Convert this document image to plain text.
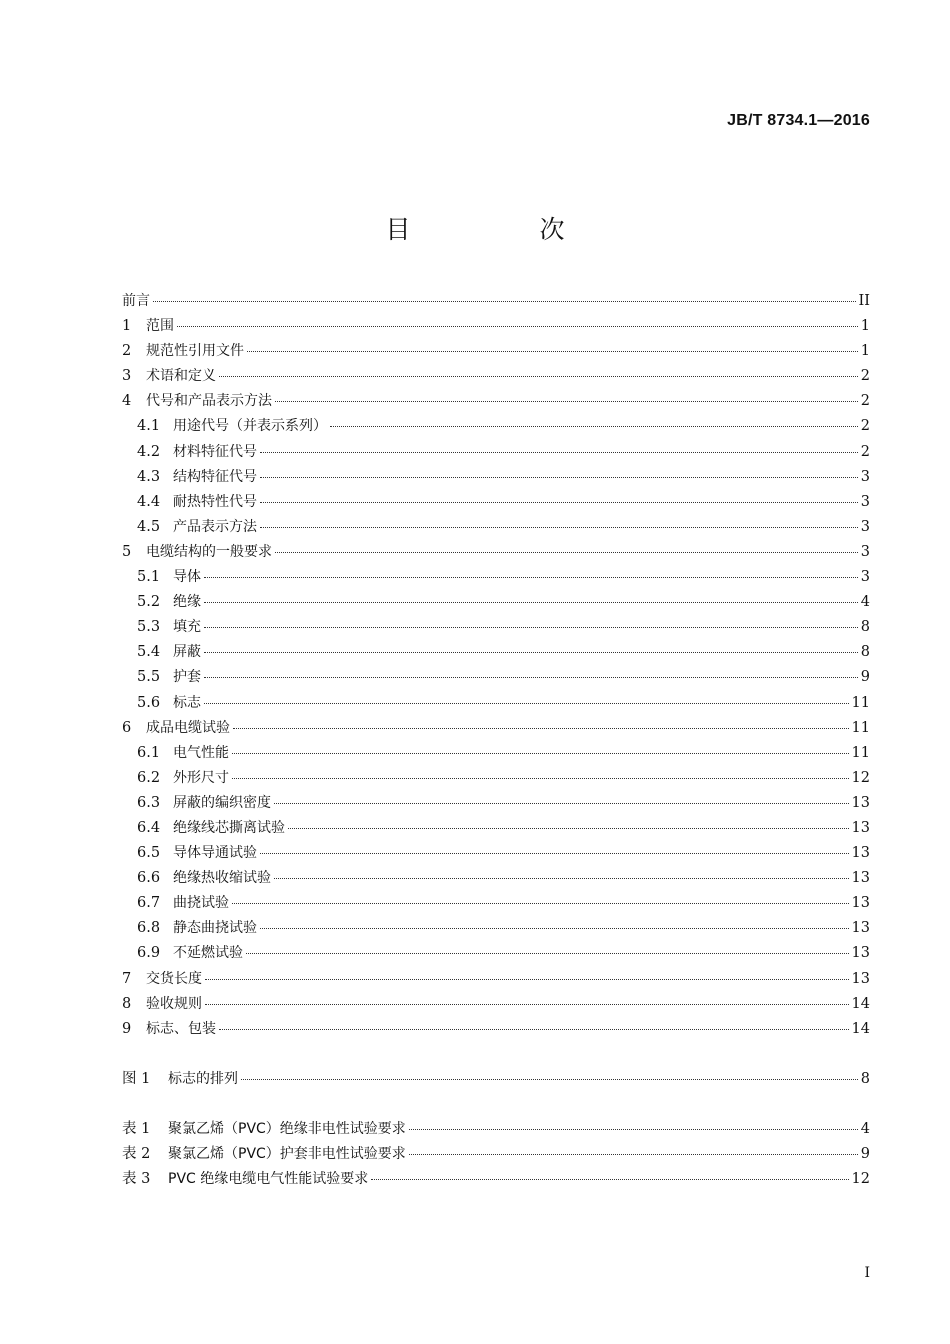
JB/T 8734.1—2016
目　次
前言	II
1	范围	1
2	规范性引用文件	1
3	术语和定义	2
4	代号和产品表示方法	2
4.1 用途代号（并表示系列）	2
4.2 材料特征代号	2
4.3 结构特征代号	3
4.4 耐热特性代号	3
4.5 产品表示方法	3
5	电缆结构的一般要求	3
5.1 导体	3
5.2 绝缘	4
5.3 填充	8
5.4 屏蔽	8
5.5 护套	9
5.6 标志	11
6	成品电缆试验	11
6.1 电气性能	11
6.2 外形尺寸	12
6.3 屏蔽的编织密度	13
6.4 绝缘线芯撕离试验	13
6.5 导体导通试验	13
6.6 绝缘热收缩试验	13
6.7 曲挠试验	13
6.8 静态曲挠试验	13
6.9 不延燃试验	13
7	交货长度	13
8	验收规则	14
9	标志、包装	14
图 1	标志的排列	8
表 1	聚氯乙烯（PVC）绝缘非电性试验要求	4
表 2	聚氯乙烯（PVC）护套非电性试验要求	9
表 3	PVC 绝缘电缆电气性能试验要求	12
I
